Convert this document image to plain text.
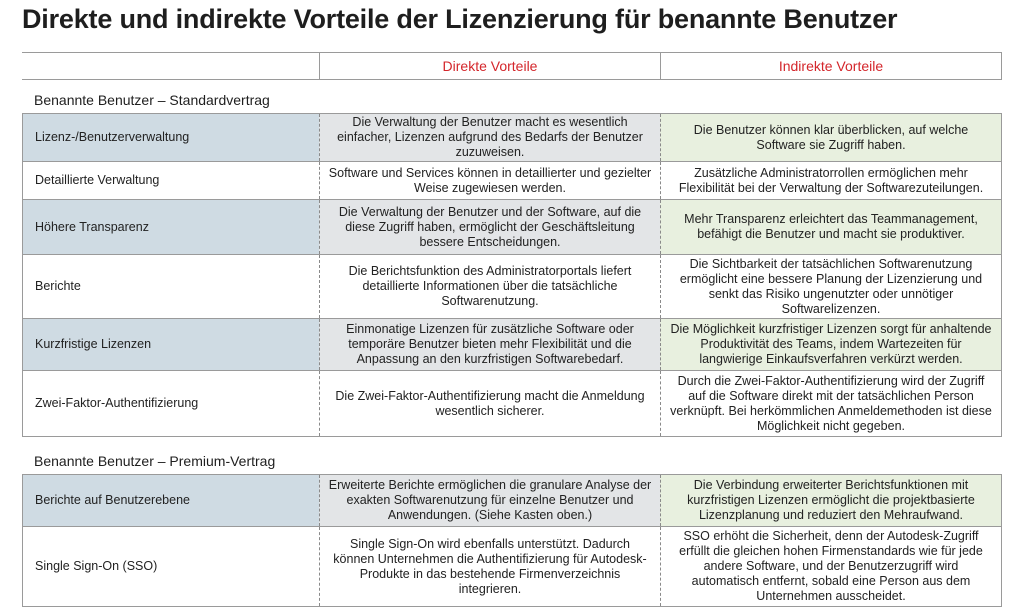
Direkte und indirekte Vorteile der Lizenzierung für benannte Benutzer
Direkte Vorteile	Indirekte Vorteile
Benannte Benutzer – Standardvertrag
Lizenz-/Benutzerverwaltung
Die Verwaltung der Benutzer macht es wesentlich einfacher, Lizenzen aufgrund des Bedarfs der Benutzer zuzuweisen.
Die Benutzer können klar überblicken, auf welche Software sie Zugriff haben.
Detaillierte Verwaltung
Software und Services können in detaillierter und gezielter Weise zugewiesen werden.
Zusätzliche Administratorrollen ermöglichen mehr Flexibilität bei der Verwaltung der Softwarezuteilungen.
Höhere Transparenz
Die Verwaltung der Benutzer und der Software, auf die diese Zugriff haben, ermöglicht der Geschäftsleitung bessere Entscheidungen.
Mehr Transparenz erleichtert das Teammanagement, befähigt die Benutzer und macht sie produktiver.
Berichte
Die Berichtsfunktion des Administratorportals liefert detaillierte Informationen über die tatsächliche Softwarenutzung.
Die Sichtbarkeit der tatsächlichen Softwarenutzung ermöglicht eine bessere Planung der Lizenzierung und senkt das Risiko ungenutzter oder unnötiger Softwarelizenzen.
Kurzfristige Lizenzen
Einmonatige Lizenzen für zusätzliche Software oder temporäre Benutzer bieten mehr Flexibilität und die Anpassung an den kurzfristigen Softwarebedarf.
Die Möglichkeit kurzfristiger Lizenzen sorgt für anhaltende Produktivität des Teams, indem Wartezeiten für langwierige Einkaufsverfahren verkürzt werden.
Zwei-Faktor-Authentifizierung
Die Zwei-Faktor-Authentifizierung macht die Anmeldung wesentlich sicherer.
Durch die Zwei-Faktor-Authentifizierung wird der Zugriff auf die Software direkt mit der tatsächlichen Person verknüpft. Bei herkömmlichen Anmeldemethoden ist diese Möglichkeit nicht gegeben.
Benannte Benutzer – Premium-Vertrag
Berichte auf Benutzerebene
Erweiterte Berichte ermöglichen die granulare Analyse der exakten Softwarenutzung für einzelne Benutzer und Anwendungen. (Siehe Kasten oben.)
Die Verbindung erweiterter Berichtsfunktionen mit kurzfristigen Lizenzen ermöglicht die projektbasierte Lizenzplanung und reduziert den Mehraufwand.
Single Sign-On (SSO)
Single Sign-On wird ebenfalls unterstützt. Dadurch können Unternehmen die Authentifizierung für Autodesk-Produkte in das bestehende Firmenverzeichnis integrieren.
SSO erhöht die Sicherheit, denn der Autodesk-Zugriff erfüllt die gleichen hohen Firmenstandards wie für jede andere Software, und der Benutzerzugriff wird automatisch entfernt, sobald eine Person aus dem Unternehmen ausscheidet.
